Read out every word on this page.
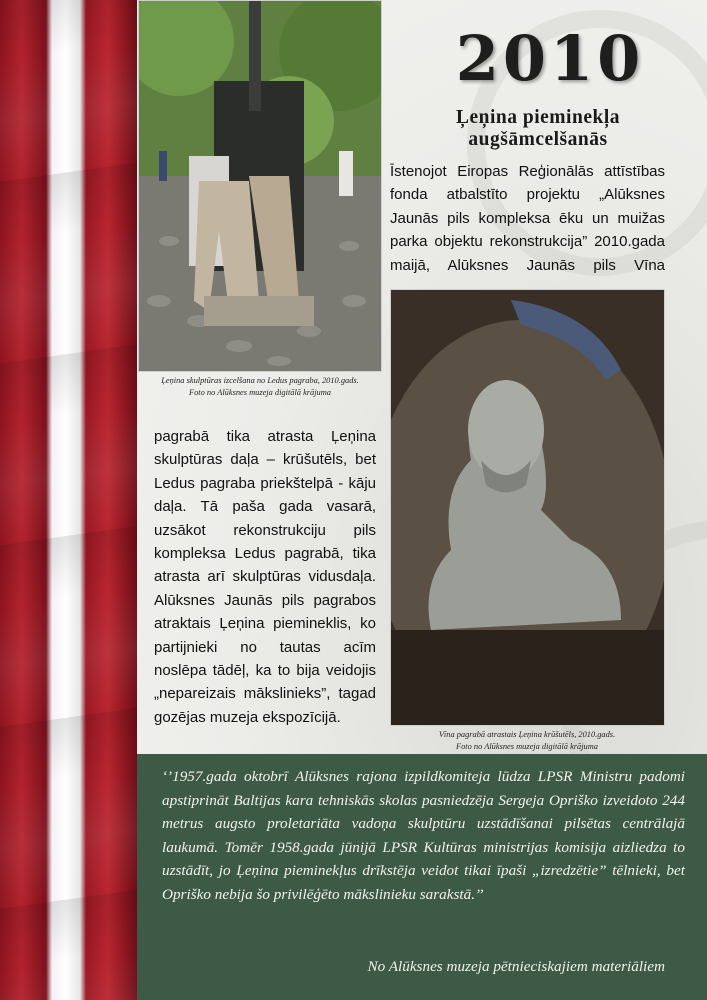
Ļeņina skulptūras izcelšana no Ledus pagraba, 2010.gads.
Foto no Alūksnes muzeja digitālā krājuma
2010
Ļeņina pieminekļa augšāmcelšanās
Īstenojot Eiropas Reģionālās attīstības fonda atbalstīto projektu „Alūksnes Jaunās pils kompleksa ēku un muižas parka objektu rekonstrukcija” 2010.gada maijā, Alūksnes Jaunās pils Vīna
Vīna pagrabā atrastais Ļeņina krūšutēls, 2010.gads.
Foto no Alūksnes muzeja digitālā krājuma
pagrabā tika atrasta Ļeņina skulptūras daļa – krūšutēls, bet Ledus pagraba priekštelpā - kāju daļa. Tā paša gada vasarā, uzsākot rekonstrukciju pils kompleksa Ledus pagrabā, tika atrasta arī skulptūras vidusdaļa. Alūksnes Jaunās pils pagrabos atraktais Ļeņina piemineklis, ko partijnieki no tautas acīm noslēpa tādēļ, ka to bija veidojis „nepareizais mākslinieks”, tagad gozējas muzeja ekspozīcijā.
‘’1957.gada oktobrī Alūksnes rajona izpildkomiteja lūdza LPSR Ministru padomi apstiprināt Baltijas kara tehniskās skolas pasniedzēja Sergeja Opriško izveidoto 244 metrus augsto proletariāta vadoņa skulptūru uzstādīšanai pilsētas centrālajā laukumā. Tomēr 1958.gada jūnijā LPSR Kultūras ministrijas komisija aizliedza to uzstādīt, jo Ļeņina pieminekļus drīkstēja veidot tikai īpaši „izredzētie” tēlnieki, bet Opriško nebija šo privilēģēto mākslinieku sarakstā.’’
No Alūksnes muzeja pētnieciskajiem materiāliem
